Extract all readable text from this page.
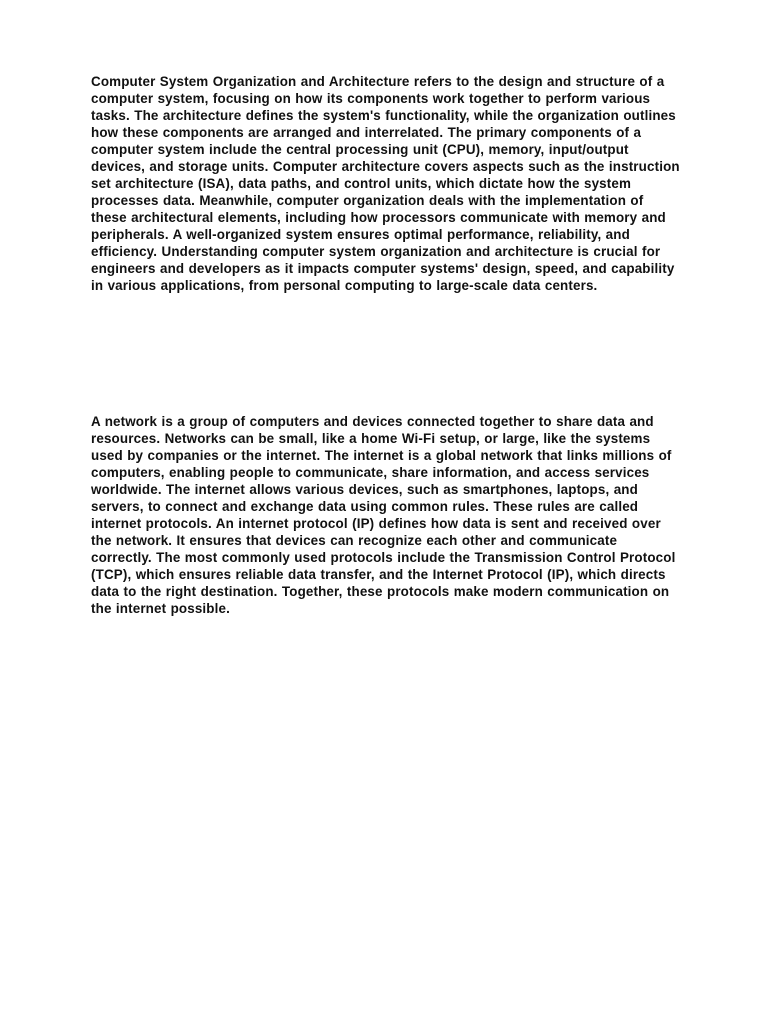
Computer System Organization and Architecture refers to the design and structure of a computer system, focusing on how its components work together to perform various tasks. The architecture defines the system's functionality, while the organization outlines how these components are arranged and interrelated. The primary components of a computer system include the central processing unit (CPU), memory, input/output devices, and storage units. Computer architecture covers aspects such as the instruction set architecture (ISA), data paths, and control units, which dictate how the system processes data. Meanwhile, computer organization deals with the implementation of these architectural elements, including how processors communicate with memory and peripherals. A well-organized system ensures optimal performance, reliability, and efficiency. Understanding computer system organization and architecture is crucial for engineers and developers as it impacts computer systems' design, speed, and capability in various applications, from personal computing to large-scale data centers.

A network is a group of computers and devices connected together to share data and resources. Networks can be small, like a home Wi-Fi setup, or large, like the systems used by companies or the internet. The internet is a global network that links millions of computers, enabling people to communicate, share information, and access services worldwide. The internet allows various devices, such as smartphones, laptops, and servers, to connect and exchange data using common rules. These rules are called internet protocols. An internet protocol (IP) defines how data is sent and received over the network. It ensures that devices can recognize each other and communicate correctly. The most commonly used protocols include the Transmission Control Protocol (TCP), which ensures reliable data transfer, and the Internet Protocol (IP), which directs data to the right destination. Together, these protocols make modern communication on the internet possible.
